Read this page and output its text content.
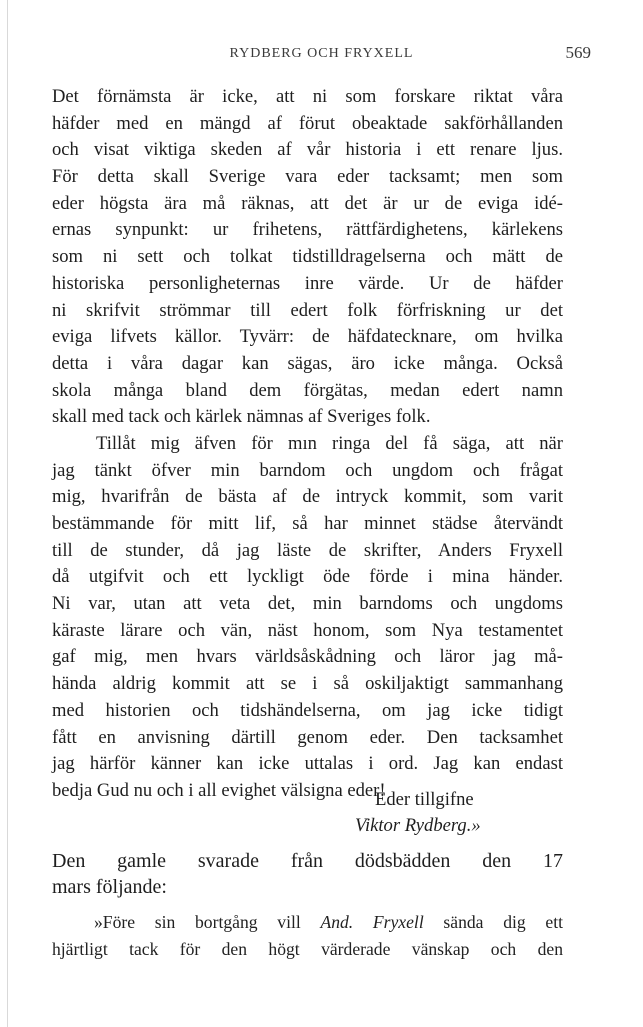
RYDBERG OCH FRYXELL	569
Det förnämsta är icke, att ni som forskare riktat våra
häfder med en mängd af förut obeaktade sakförhållanden
och visat viktiga skeden af vår historia i ett renare ljus.
För detta skall Sverige vara eder tacksamt; men som
eder högsta ära må räknas, att det är ur de eviga idé-
ernas synpunkt: ur frihetens, rättfärdighetens, kärlekens
som ni sett och tolkat tidstilldragelserna och mätt de
historiska personligheternas inre värde. Ur de häfder
ni skrifvit strömmar till edert folk förfriskning ur det
eviga lifvets källor. Tyvärr: de häfdatecknare, om hvilka
detta i våra dagar kan sägas, äro icke många. Också
skola många bland dem förgätas, medan edert namn
skall med tack och kärlek nämnas af Sveriges folk.
Tillåt mig äfven för mın ringa del få säga, att när
jag tänkt öfver min barndom och ungdom och frågat
mig, hvarifrån de bästa af de intryck kommit, som varit
bestämmande för mitt lif, så har minnet städse återvändt
till de stunder, då jag läste de skrifter, Anders Fryxell
då utgifvit och ett lyckligt öde förde i mina händer.
Ni var, utan att veta det, min barndoms och ungdoms
käraste lärare och vän, näst honom, som Nya testamentet
gaf mig, men hvars världsåskådning och läror jag må-
hända aldrig kommit att se i så oskiljaktigt sammanhang
med historien och tidshändelserna, om jag icke tidigt
fått en anvisning därtill genom eder. Den tacksamhet
jag härför känner kan icke uttalas i ord. Jag kan endast
bedja Gud nu och i all evighet välsigna eder!
Eder tillgifne
Viktor Rydberg.»
Den gamle svarade från dödsbädden den 17
mars följande:
»Före sin bortgång vill And. Fryxell sända dig ett
hjärtligt tack för den högt värderade vänskap och den
